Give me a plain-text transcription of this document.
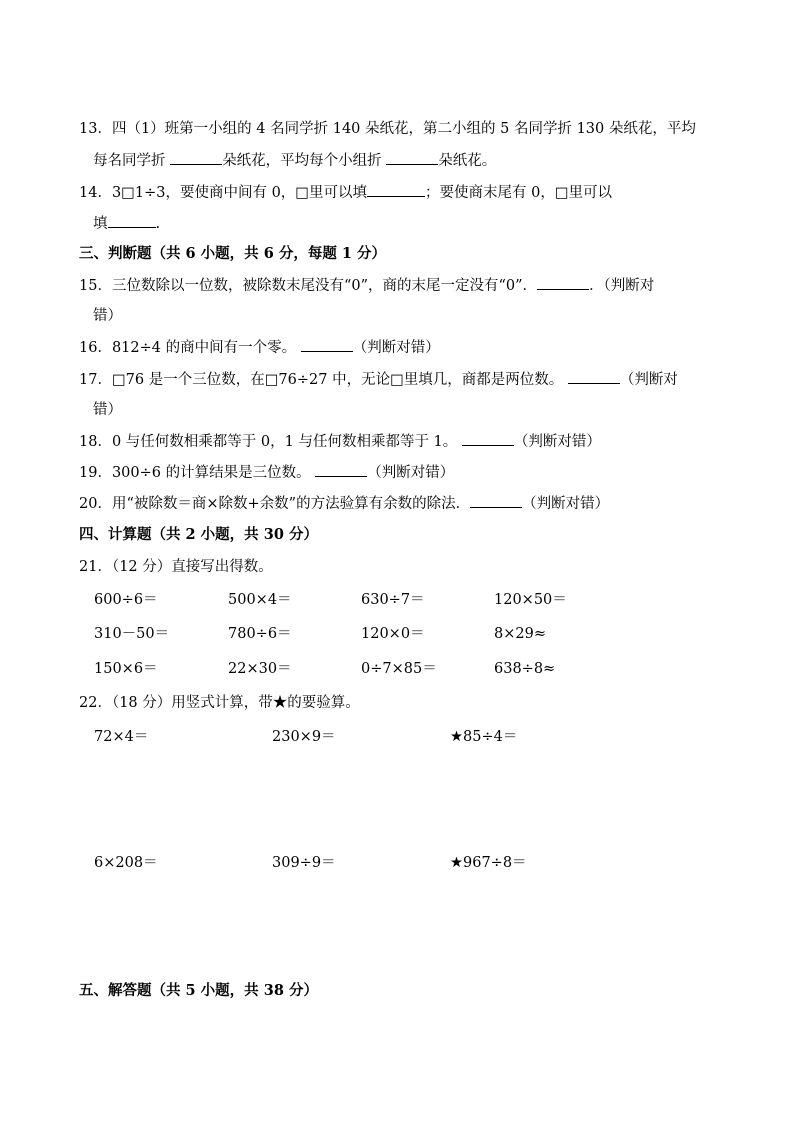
13．四（1）班第一小组的 4 名同学折 140 朵纸花，第二小组的 5 名同学折 130 朵纸花，平均
每名同学折	朵纸花，平均每个小组折	朵纸花。
14．3□1÷3，要使商中间有 0，□里可以填	；要使商末尾有 0，□里可以
填	.
三、判断题（共 6 小题，共 6 分，每题 1 分）
15．三位数除以一位数，被除数末尾没有“0”，商的末尾一定没有“0”．	．（判断对
错）
16．812÷4 的商中间有一个零。	（判断对错）
17．□76 是一个三位数，在□76÷27 中，无论□里填几，商都是两位数。	（判断对
错）
18．0 与任何数相乘都等于 0，1 与任何数相乘都等于 1。	（判断对错）
19．300÷6 的计算结果是三位数。	（判断对错）
20．用“被除数＝商×除数+余数”的方法验算有余数的除法．	（判断对错）
四、计算题（共 2 小题，共 30 分）
21．（12 分）直接写出得数。
600÷6＝	500×4＝	630÷7＝	120×50＝
310－50＝	780÷6＝	120×0＝	8×29≈
150×6＝	22×30＝	0÷7×85＝	638÷8≈
22．（18 分）用竖式计算，带★的要验算。
72×4＝	230×9＝	★85÷4＝
6×208＝	309÷9＝	★967÷8＝
五、解答题（共 5 小题，共 38 分）
